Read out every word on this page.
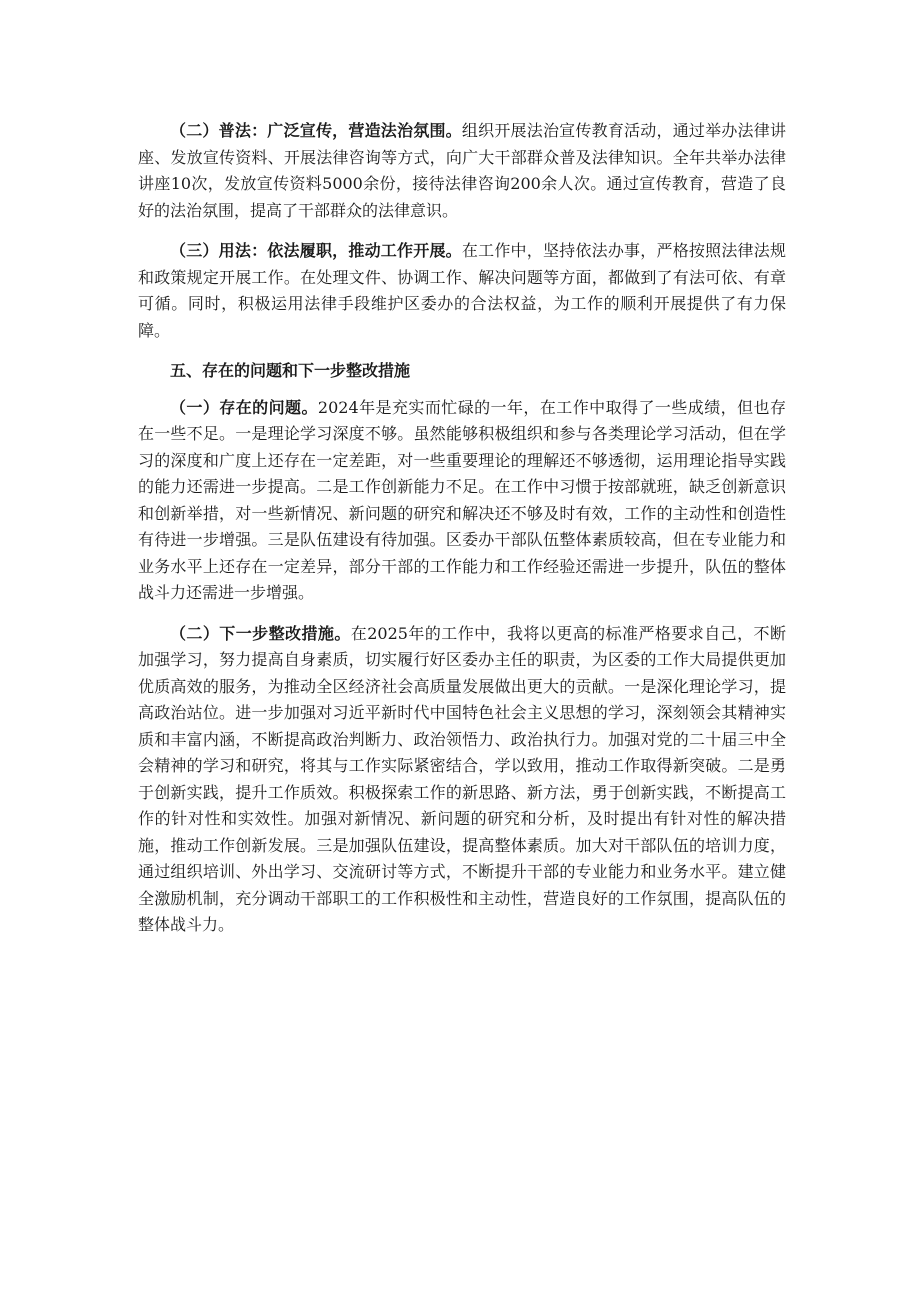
（二）普法：广泛宣传，营造法治氛围。组织开展法治宣传教育活动，通过举办法律讲座、发放宣传资料、开展法律咨询等方式，向广大干部群众普及法律知识。全年共举办法律讲座10次，发放宣传资料5000余份，接待法律咨询200余人次。通过宣传教育，营造了良好的法治氛围，提高了干部群众的法律意识。

（三）用法：依法履职，推动工作开展。在工作中，坚持依法办事，严格按照法律法规和政策规定开展工作。在处理文件、协调工作、解决问题等方面，都做到了有法可依、有章可循。同时，积极运用法律手段维护区委办的合法权益，为工作的顺利开展提供了有力保障。

五、存在的问题和下一步整改措施

（一）存在的问题。2024年是充实而忙碌的一年，在工作中取得了一些成绩，但也存在一些不足。一是理论学习深度不够。虽然能够积极组织和参与各类理论学习活动，但在学习的深度和广度上还存在一定差距，对一些重要理论的理解还不够透彻，运用理论指导实践的能力还需进一步提高。二是工作创新能力不足。在工作中习惯于按部就班，缺乏创新意识和创新举措，对一些新情况、新问题的研究和解决还不够及时有效，工作的主动性和创造性有待进一步增强。三是队伍建设有待加强。区委办干部队伍整体素质较高，但在专业能力和业务水平上还存在一定差异，部分干部的工作能力和工作经验还需进一步提升，队伍的整体战斗力还需进一步增强。

（二）下一步整改措施。在2025年的工作中，我将以更高的标准严格要求自己，不断加强学习，努力提高自身素质，切实履行好区委办主任的职责，为区委的工作大局提供更加优质高效的服务，为推动全区经济社会高质量发展做出更大的贡献。一是深化理论学习，提高政治站位。进一步加强对习近平新时代中国特色社会主义思想的学习，深刻领会其精神实质和丰富内涵，不断提高政治判断力、政治领悟力、政治执行力。加强对党的二十届三中全会精神的学习和研究，将其与工作实际紧密结合，学以致用，推动工作取得新突破。二是勇于创新实践，提升工作质效。积极探索工作的新思路、新方法，勇于创新实践，不断提高工作的针对性和实效性。加强对新情况、新问题的研究和分析，及时提出有针对性的解决措施，推动工作创新发展。三是加强队伍建设，提高整体素质。加大对干部队伍的培训力度，通过组织培训、外出学习、交流研讨等方式，不断提升干部的专业能力和业务水平。建立健全激励机制，充分调动干部职工的工作积极性和主动性，营造良好的工作氛围，提高队伍的整体战斗力。
